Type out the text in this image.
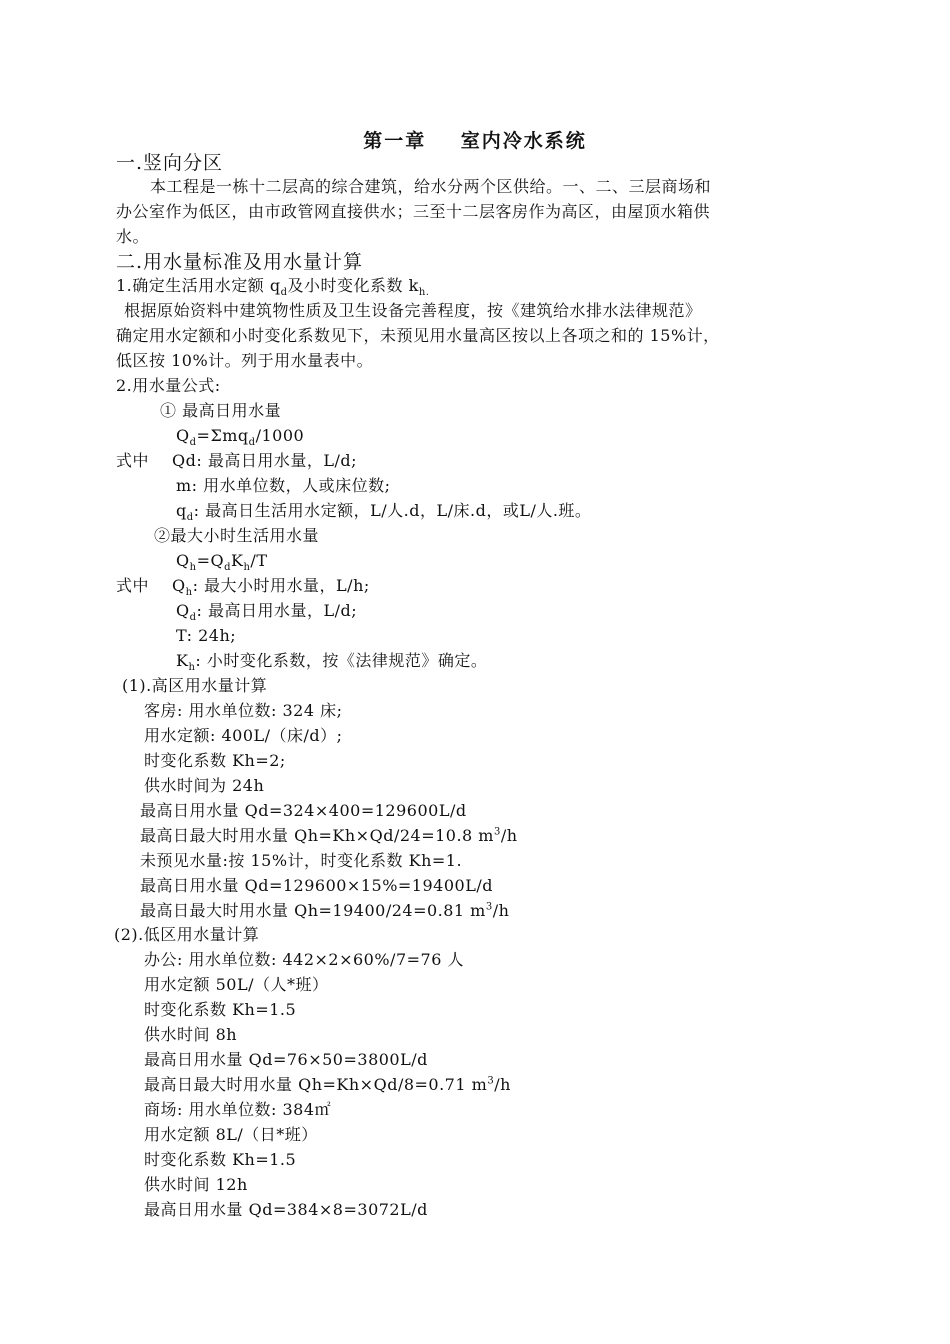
第一章    室内冷水系统
一.竖向分区
本工程是一栋十二层高的综合建筑，给水分两个区供给。一、二、三层商场和
办公室作为低区，由市政管网直接供水；三至十二层客房作为高区，由屋顶水箱供
水。
二.用水量标准及用水量计算
1.确定生活用水定额 $q_d$及小时变化系数 $k_{h.}$
根据原始资料中建筑物性质及卫生设备完善程度，按《建筑给水排水法律规范》
确定用水定额和小时变化系数见下，未预见用水量高区按以上各项之和的 15%计，
低区按 10%计。列于用水量表中。
2.用水量公式:
① 最高日用水量
$Q_d=\Sigma mq_d/1000$
式中 Qd: 最高日用水量，L/d;
m: 用水单位数，人或床位数;
$q_d$: 最高日生活用水定额，L/人.d，L/床.d，或L/人.班。
②最大小时生活用水量
$Q_h=Q_dK_h/T$
式中 $Q_h$: 最大小时用水量，L/h;
$Q_d$: 最高日用水量，L/d;
T: 24h;
$K_h$: 小时变化系数，按《法律规范》确定。
(1).高区用水量计算
客房: 用水单位数: 324 床;
用水定额: 400L/（床/d）;
时变化系数 Kh=2;
供水时间为 24h
最高日用水量 Qd=324×400=129600L/d
最高日最大时用水量 Qh=Kh×Qd/24=10.8 $m^3/h$
未预见水量:按 15%计，时变化系数 Kh=1.
最高日用水量 Qd=129600×15%=19400L/d
最高日最大时用水量 Qh=19400/24=0.81 $m^3/h$
(2).低区用水量计算
办公: 用水单位数: 442×2×60%/7=76 人
用水定额 50L/（人*班）
时变化系数 Kh=1.5
供水时间 8h
最高日用水量 Qd=76×50=3800L/d
最高日最大时用水量 Qh=Kh×Qd/8=0.71 $m^3/h$
商场: 用水单位数: 384㎡
用水定额 8L/（日*班）
时变化系数 Kh=1.5
供水时间 12h
最高日用水量 Qd=384×8=3072L/d
